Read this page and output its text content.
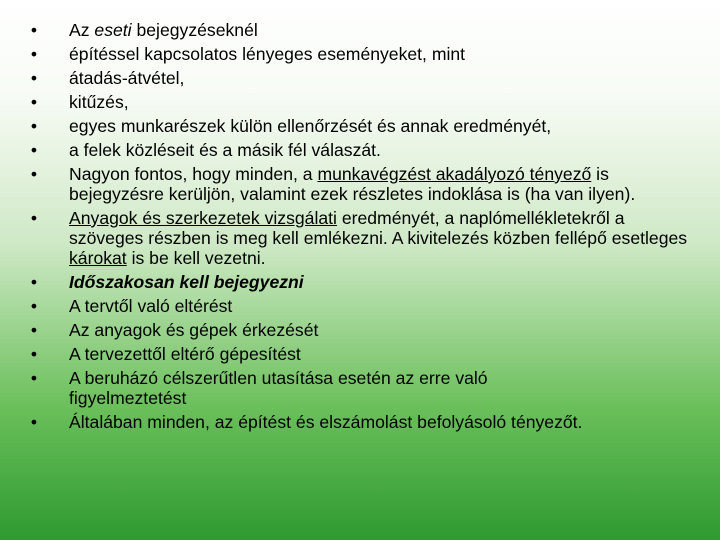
• Az eseti bejegyzéseknél
• építéssel kapcsolatos lényeges eseményeket, mint
• átadás-átvétel,
• kitűzés,
• egyes munkarészek külön ellenőrzését és annak eredményét,
• a felek közléseit és a másik fél válaszát.
• Nagyon fontos, hogy minden, a munkavégzést akadályozó tényező is bejegyzésre kerüljön, valamint ezek részletes indoklása is (ha van ilyen).
• Anyagok és szerkezetek vizsgálati eredményét, a naplómellékletekről a szöveges részben is meg kell emlékezni. A kivitelezés közben fellépő esetleges károkat is be kell vezetni.
• Időszakosan kell bejegyezni
• A tervtől való eltérést
• Az anyagok és gépek érkezését
• A tervezettől eltérő gépesítést
• A beruházó célszerűtlen utasítása esetén az erre való figyelmeztetést
• Általában minden, az építést és elszámolást befolyásoló tényezőt.
